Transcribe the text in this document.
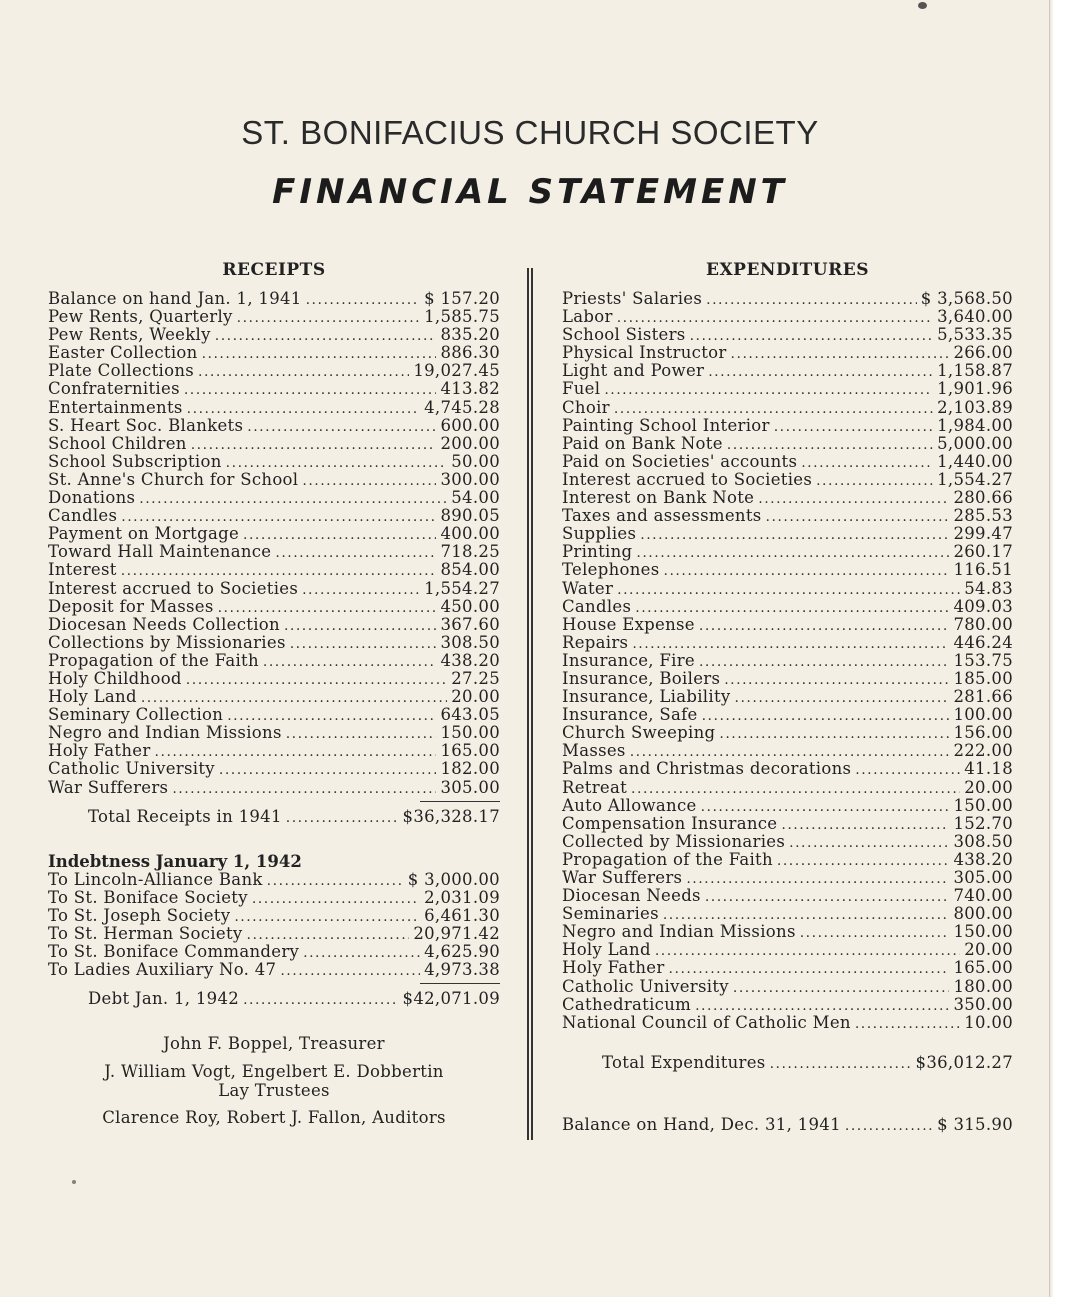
ST. BONIFACIUS CHURCH SOCIETY
FINANCIAL STATEMENT
RECEIPTS
Balance on hand Jan. 1, 1941 .....	$ 157.20
Pew Rents, Quarterly .....	1,585.75
Pew Rents, Weekly .....	835.20
Easter Collection .....	886.30
Plate Collections .....	19,027.45
Confraternities .....	413.82
Entertainments .....	4,745.28
S. Heart Soc. Blankets .....	600.00
School Children .....	200.00
School Subscription .....	50.00
St. Anne's Church for School .....	300.00
Donations .....	54.00
Candles .....	890.05
Payment on Mortgage .....	400.00
Toward Hall Maintenance .....	718.25
Interest .....	854.00
Interest accrued to Societies .....	1,554.27
Deposit for Masses .....	450.00
Diocesan Needs Collection .....	367.60
Collections by Missionaries .....	308.50
Propagation of the Faith .....	438.20
Holy Childhood .....	27.25
Holy Land .....	20.00
Seminary Collection .....	643.05
Negro and Indian Missions .....	150.00
Holy Father .....	165.00
Catholic University .....	182.00
War Sufferers .....	305.00
Total Receipts in 1941 .....	$36,328.17
Indebtness January 1, 1942
To Lincoln-Alliance Bank .....	$ 3,000.00
To St. Boniface Society .....	2,031.09
To St. Joseph Society .....	6,461.30
To St. Herman Society .....	20,971.42
To St. Boniface Commandery .....	4,625.90
To Ladies Auxiliary No. 47 .....	4,973.38
Debt Jan. 1, 1942 .....	$42,071.09
John F. Boppel, Treasurer
J. William Vogt, Engelbert E. Dobbertin
Lay Trustees
Clarence Roy, Robert J. Fallon, Auditors
EXPENDITURES
Priests' Salaries .....	$ 3,568.50
Labor .....	3,640.00
School Sisters .....	5,533.35
Physical Instructor .....	266.00
Light and Power .....	1,158.87
Fuel .....	1,901.96
Choir .....	2,103.89
Painting School Interior .....	1,984.00
Paid on Bank Note .....	5,000.00
Paid on Societies' accounts .....	1,440.00
Interest accrued to Societies .....	1,554.27
Interest on Bank Note .....	280.66
Taxes and assessments .....	285.53
Supplies .....	299.47
Printing .....	260.17
Telephones .....	116.51
Water .....	54.83
Candles .....	409.03
House Expense .....	780.00
Repairs .....	446.24
Insurance, Fire .....	153.75
Insurance, Boilers .....	185.00
Insurance, Liability .....	281.66
Insurance, Safe .....	100.00
Church Sweeping .....	156.00
Masses .....	222.00
Palms and Christmas decorations .....	41.18
Retreat .....	20.00
Auto Allowance .....	150.00
Compensation Insurance .....	152.70
Collected by Missionaries .....	308.50
Propagation of the Faith .....	438.20
War Sufferers .....	305.00
Diocesan Needs .....	740.00
Seminaries .....	800.00
Negro and Indian Missions .....	150.00
Holy Land .....	20.00
Holy Father .....	165.00
Catholic University .....	180.00
Cathedraticum .....	350.00
National Council of Catholic Men .....	10.00
Total Expenditures .....	$36,012.27
Balance on Hand, Dec. 31, 1941 .....	$ 315.90
